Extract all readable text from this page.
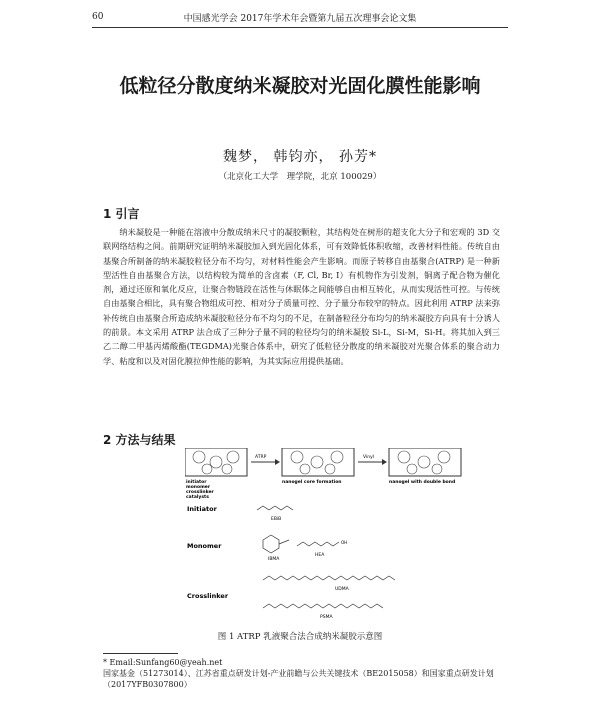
60	中国感光学会 2017年学术年会暨第九届五次理事会论文集
低粒径分散度纳米凝胶对光固化膜性能影响
魏梦， 韩钧亦， 孙芳*
（北京化工大学　理学院，北京 100029）
1 引言

纳米凝胶是一种能在溶液中分散成纳米尺寸的凝胶颗粒，其结构处在树形的超支化大分子和宏观的 3D 交联网络结构之间。前期研究证明纳米凝胶加入到光固化体系，可有效降低体积收缩，改善材料性能。传统自由基聚合所制备的纳米凝胶粒径分布不均匀，对材料性能会产生影响。而原子转移自由基聚合(ATRP) 是一种新型活性自由基聚合方法，以结构较为简单的含卤素（F, Cl, Br, I）有机物作为引发剂，铜离子配合物为催化剂，通过还原和氧化反应，让聚合物链段在活性与休眠体之间能够自由相互转化，从而实现活性可控。与传统自由基聚合相比，具有聚合物组成可控、相对分子质量可控、分子量分布较窄的特点。因此利用 ATRP 法来弥补传统自由基聚合所造成纳米凝胶粒径分布不均匀的不足，在制备粒径分布均匀的纳米凝胶方向具有十分诱人的前景。本文采用 ATRP 法合成了三种分子量不同的粒径均匀的纳米凝胶 Si-L，Si-M，Si-H。将其加入到三乙二醇二甲基丙烯酸酯(TEGDMA)光聚合体系中，研究了低粒径分散度的纳米凝胶对光聚合体系的聚合动力学、粘度和以及对固化膜拉伸性能的影响，为其实际应用提供基础。

2 方法与结果
initiator
monomer
crosslinker
catalysts
ATRP
nanogel core formation
Vinyl
nanogel with double bond
Initiator
EBiB
Monomer
IBMA
OH
HEA
Crosslinker
UDMA
PSMA
图 1 ATRP 乳液聚合法合成纳米凝胶示意图
* Email:Sunfang60@yeah.net
国家基金（51273014）、江苏省重点研发计划-产业前瞻与公共关键技术（BE2015058）和国家重点研发计划（2017YFB0307800）
